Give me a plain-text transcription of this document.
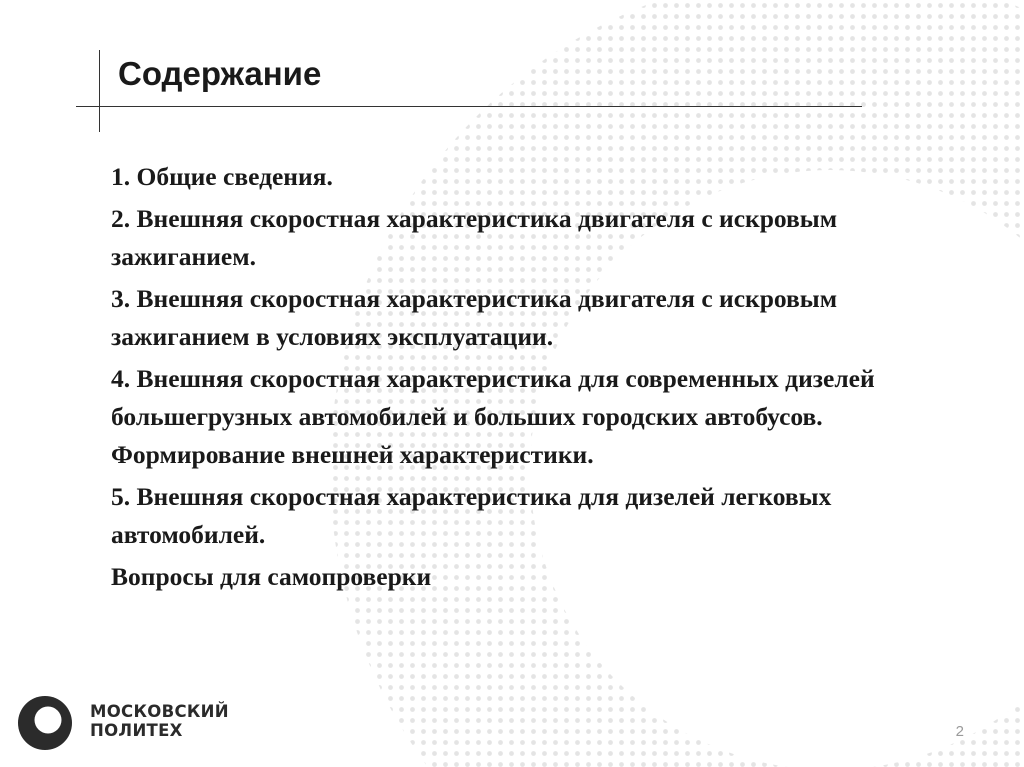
Содержание
1. Общие сведения.
2. Внешняя скоростная характеристика двигателя с искровым зажиганием.
3. Внешняя скоростная характеристика двигателя с искровым зажиганием в условиях эксплуатации.
4. Внешняя скоростная характеристика для современных дизелей большегрузных автомобилей и больших городских автобусов. Формирование внешней характеристики.
5. Внешняя скоростная характеристика для дизелей легковых автомобилей.
Вопросы для самопроверки
МОСКОВСКИЙ
ПОЛИТЕХ	2
